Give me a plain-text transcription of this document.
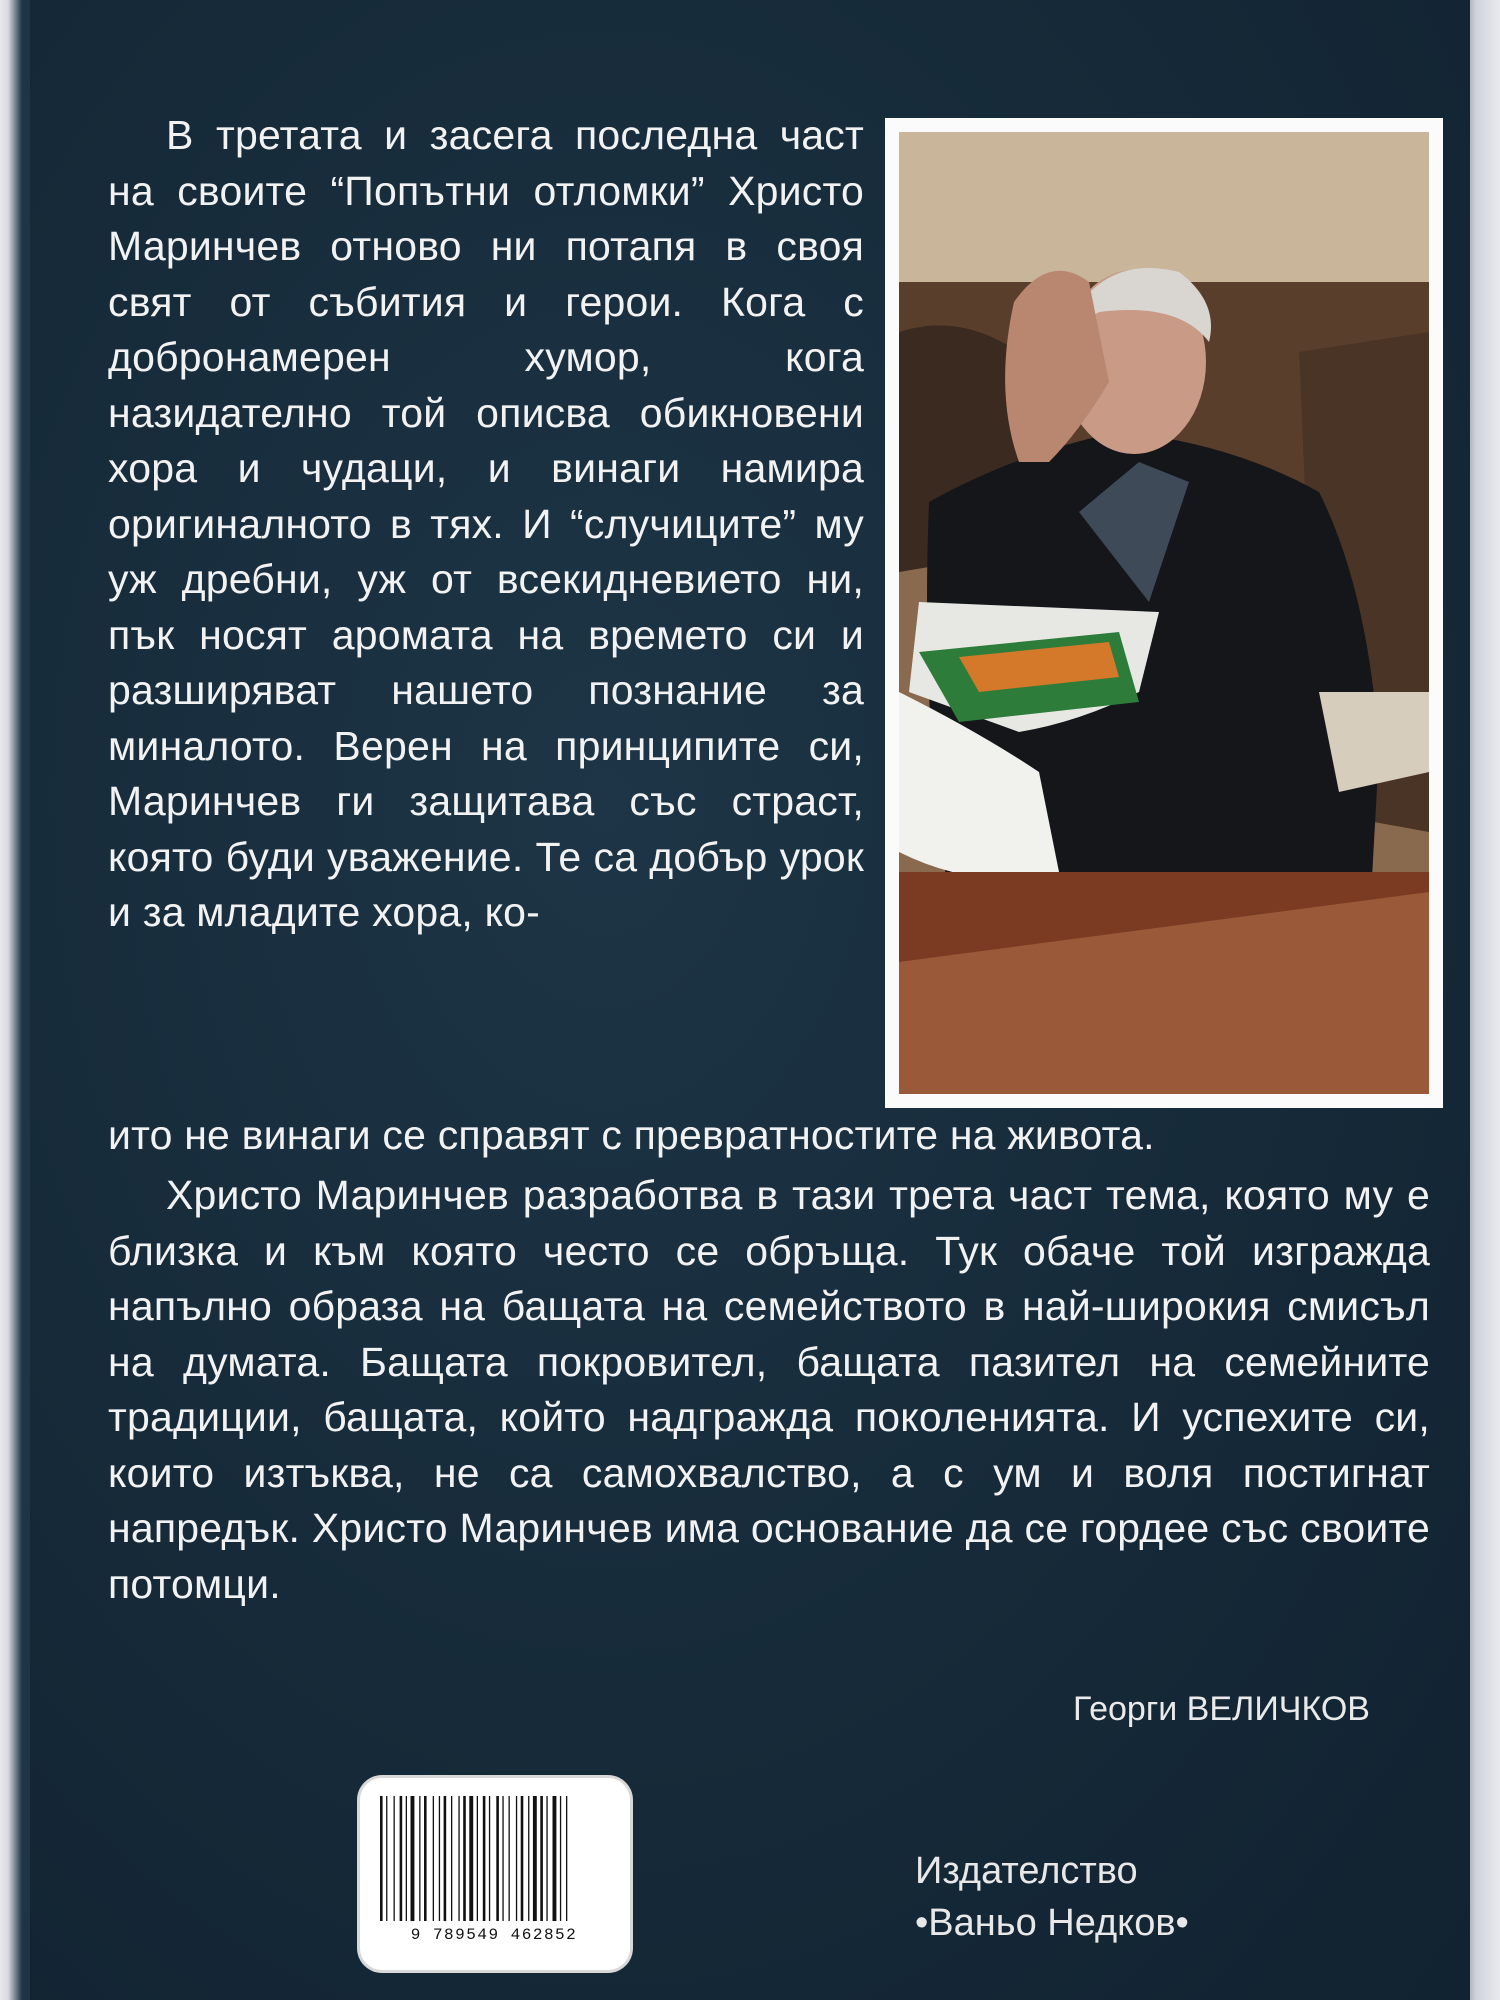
В третата и засега последна част на своите “Попътни отломки” Христо Маринчев отново ни потапя в своя свят от събития и герои. Кога с добронамерен хумор, кога назидателно той описва обикновени хора и чудаци, и винаги намира оригиналното в тях. И “случиците” му уж дребни, уж от всекидневието ни, пък носят аромата на времето си и разширяват нашето познание за миналото. Верен на принципите си, Маринчев ги защитава със страст, която буди уважение. Те са добър урок и за младите хора, ко-

ито не винаги се справят с превратностите на живота.

Христо Маринчев разработва в тази трета част тема, която му е близка и към която често се обръща. Тук обаче той изгражда напълно образа на бащата на семейството в най-широкия смисъл на думата. Бащата покровител, бащата пазител на семейните традиции, бащата, който надгражда поколенията. И успехите си, които изтъква, не са самохвалство, а с ум и воля постигнат напредък. Христо Маринчев има основание да се гордее със своите потомци.

Георги ВЕЛИЧКОВ
9 789549 462852
Издателство
•Ваньо Недков•
